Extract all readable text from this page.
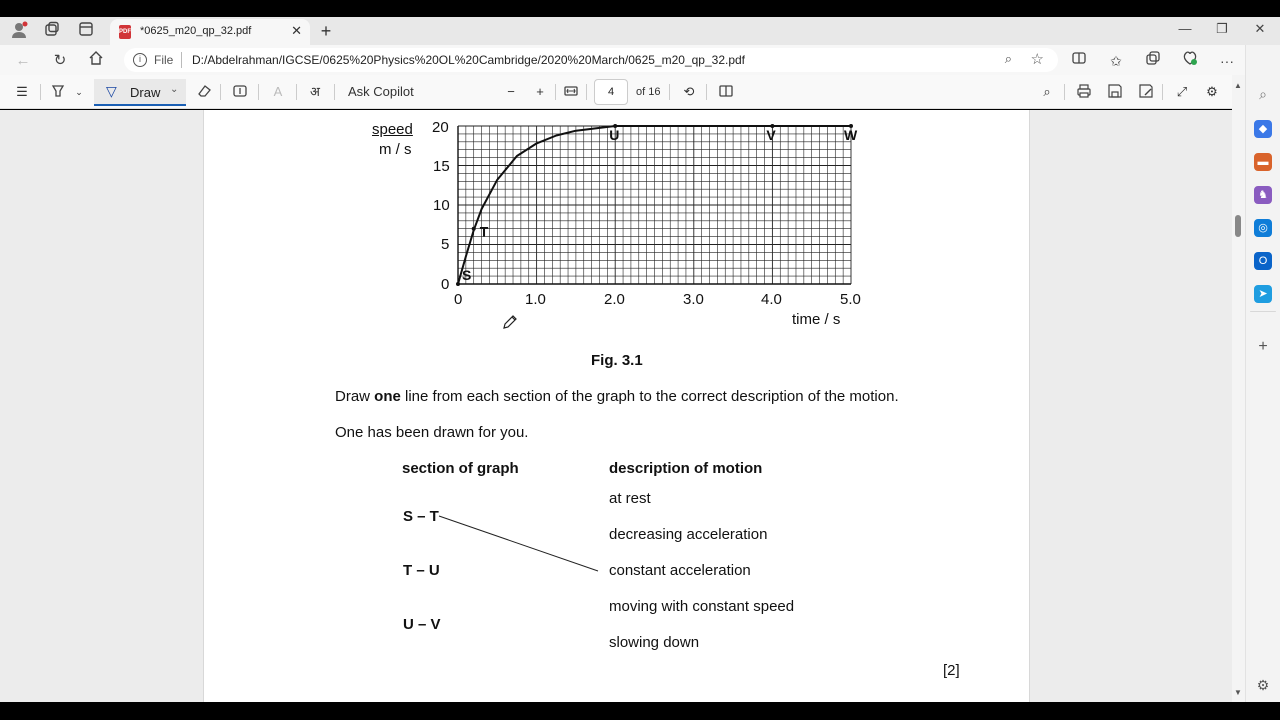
PDF *0625_m20_qp_32.pdf	✕ +	—	❐	✕
←	↻	i	File D:/Abdelrahman/IGCSE/0625%20Physics%20OL%20Cambridge/2020%20March/0625_m20_qp_32.pdf	⌕ ☆	✩	···
☰	⌄ ▽ Draw ⌄	A	अ	Ask Copilot	−	+	4	of 16 ⟲	⌕	⤢	⚙
S
T
U	V	W
speed
m / s
20
15
10
5
0
0	1.0	2.0	3.0	4.0	5.0
time / s
Fig. 3.1
Draw one line from each section of the graph to the correct description of the motion.
One has been drawn for you.
section of graph	description of motion
S – T
T – U
U – V
at rest
decreasing acceleration
constant acceleration
moving with constant speed
slowing down
[2]
▲
▼
⌕
◆
▬
♞
◎
O
➤
+
⚙
